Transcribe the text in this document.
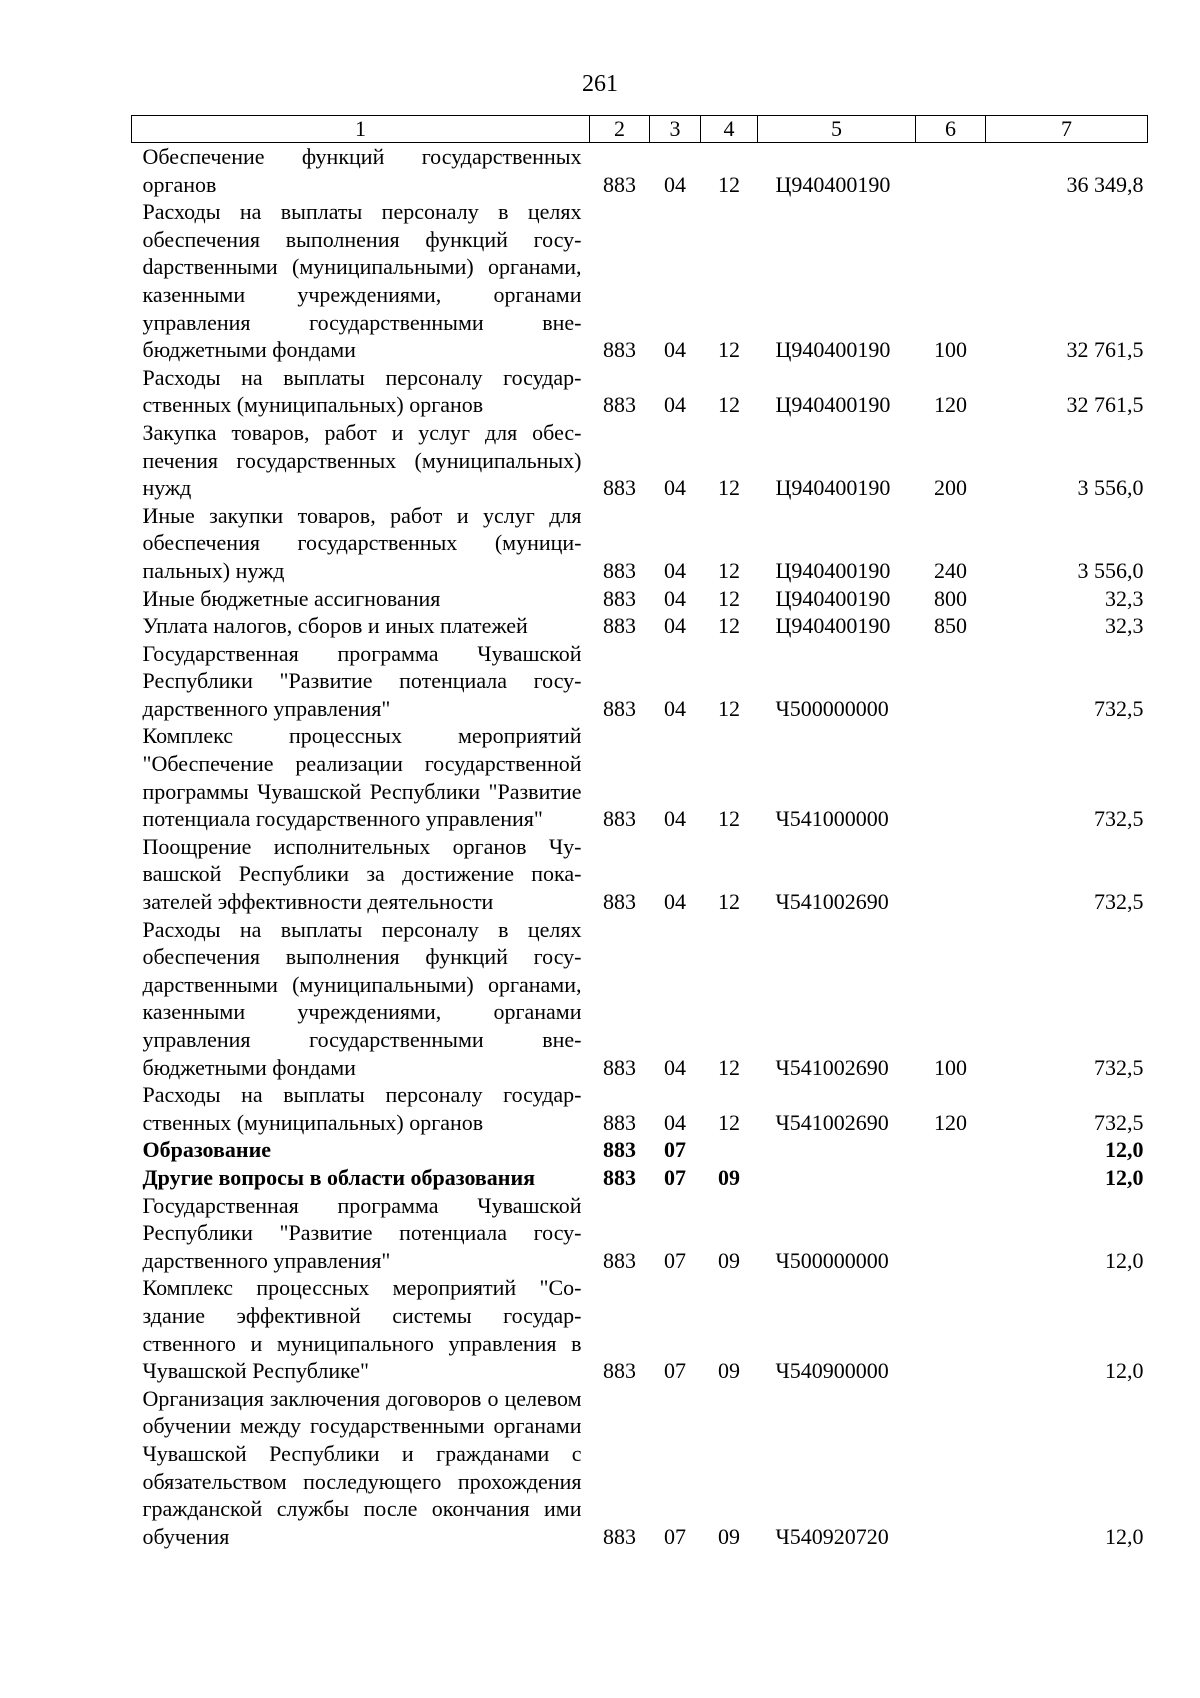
261
1	2	3	4	5	6	7
Обеспечение функций государственных органов	883	04	12	Ц940400190		36 349,8
Расходы на выплаты персоналу в целях обеспечения выполнения функций госуdарственными (муниципальными) органами, казенными учреждениями, органами управления государственными внебюджетными фондами	883	04	12	Ц940400190	100	32 761,5
Расходы на выплаты персоналу государственных (муниципальных) органов	883	04	12	Ц940400190	120	32 761,5
Закупка товаров, работ и услуг для обеспечения государственных (муниципальных) нужд	883	04	12	Ц940400190	200	3 556,0
Иные закупки товаров, работ и услуг для обеспечения государственных (муниципальных) нужд	883	04	12	Ц940400190	240	3 556,0
Иные бюджетные ассигнования	883	04	12	Ц940400190	800	32,3
Уплата налогов, сборов и иных платежей	883	04	12	Ц940400190	850	32,3
Государственная программа Чувашской Республики "Развитие потенциала государственного управления"	883	04	12	Ч500000000		732,5
Комплекс процессных мероприятий "Обеспечение реализации государственной программы Чувашской Республики "Развитие потенциала государственного управления"	883	04	12	Ч541000000		732,5
Поощрение исполнительных органов Чувашской Республики за достижение показателей эффективности деятельности	883	04	12	Ч541002690		732,5
Расходы на выплаты персоналу в целях обеспечения выполнения функций государственными (муниципальными) органами, казенными учреждениями, органами управления государственными внебюджетными фондами	883	04	12	Ч541002690	100	732,5
Расходы на выплаты персоналу государственных (муниципальных) органов	883	04	12	Ч541002690	120	732,5
Образование	883	07				12,0
Другие вопросы в области образования	883	07	09			12,0
Государственная программа Чувашской Республики "Развитие потенциала государственного управления"	883	07	09	Ч500000000		12,0
Комплекс процессных мероприятий "Создание эффективной системы государственного и муниципального управления в Чувашской Республике"	883	07	09	Ч540900000		12,0
Организация заключения договоров о целевом обучении между государственными органами Чувашской Республики и гражданами с обязательством последующего прохождения гражданской службы после окончания ими обучения	883	07	09	Ч540920720		12,0
